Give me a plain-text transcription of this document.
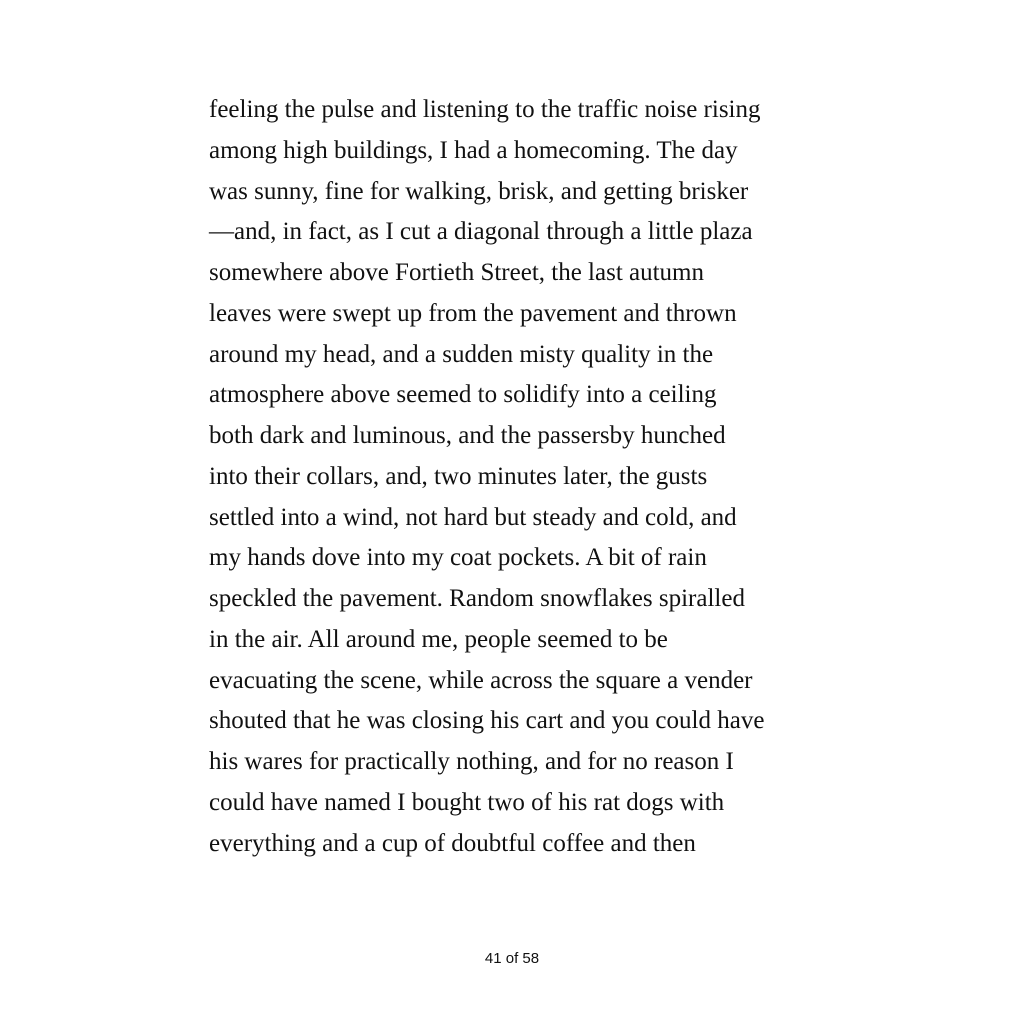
feeling the pulse and listening to the traffic noise rising
among high buildings, I had a homecoming. The day
was sunny, fine for walking, brisk, and getting brisker
—and, in fact, as I cut a diagonal through a little plaza
somewhere above Fortieth Street, the last autumn
leaves were swept up from the pavement and thrown
around my head, and a sudden misty quality in the
atmosphere above seemed to solidify into a ceiling
both dark and luminous, and the passersby hunched
into their collars, and, two minutes later, the gusts
settled into a wind, not hard but steady and cold, and
my hands dove into my coat pockets. A bit of rain
speckled the pavement. Random snowflakes spiralled
in the air. All around me, people seemed to be
evacuating the scene, while across the square a vender
shouted that he was closing his cart and you could have
his wares for practically nothing, and for no reason I
could have named I bought two of his rat dogs with
everything and a cup of doubtful coffee and then
41 of 58
